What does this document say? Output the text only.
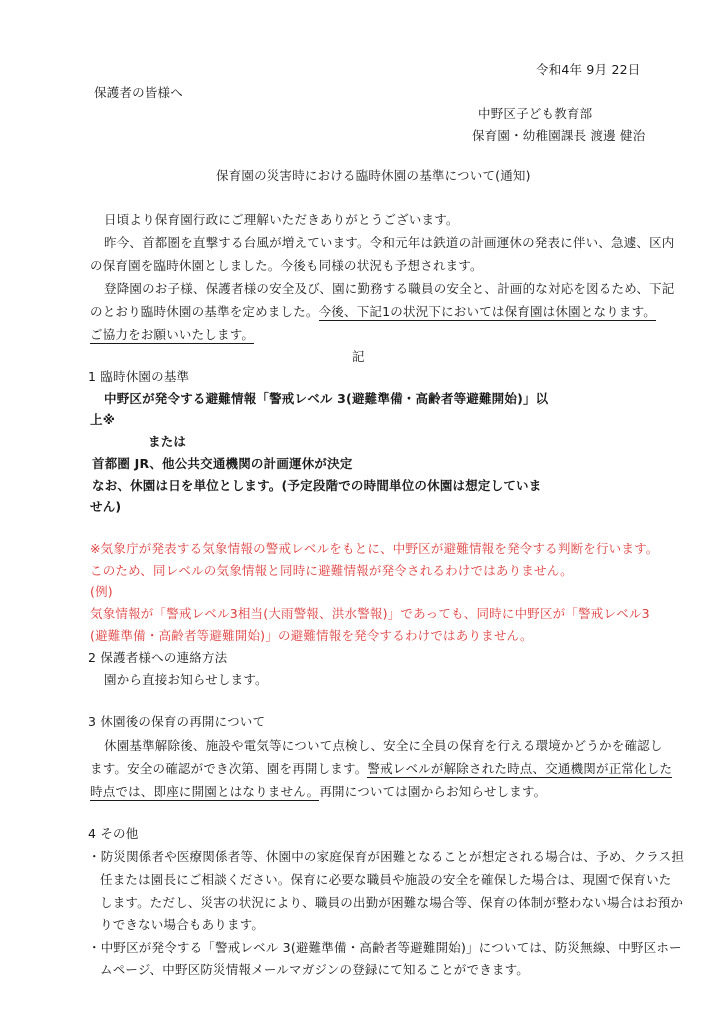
令和4年 9月 22日
保護者の皆様へ
中野区子ども教育部
保育園・幼稚園課長 渡邊 健治
保育園の災害時における臨時休園の基準について(通知)
日頃より保育園行政にご理解いただきありがとうございます。
昨今、首都圏を直撃する台風が増えています。令和元年は鉄道の計画運休の発表に伴い、急遽、区内
の保育園を臨時休園としました。今後も同様の状況も予想されます。
登降園のお子様、保護者様の安全及び、園に勤務する職員の安全と、計画的な対応を図るため、下記
のとおり臨時休園の基準を定めました。今後、下記1の状況下においては保育園は休園となります。
ご協力をお願いいたします。
記
1 臨時休園の基準
中野区が発令する避難情報「警戒レベル 3(避難準備・高齢者等避難開始)」以
上※
または
首都圏 JR、他公共交通機関の計画運休が決定
なお、休園は日を単位とします。(予定段階での時間単位の休園は想定していま
せん)
※気象庁が発表する気象情報の警戒レベルをもとに、中野区が避難情報を発令する判断を行います。
このため、同レベルの気象情報と同時に避難情報が発令されるわけではありません。
(例)
気象情報が「警戒レベル3相当(大雨警報、洪水警報)」であっても、同時に中野区が「警戒レベル3
(避難準備・高齢者等避難開始)」の避難情報を発令するわけではありません。
2 保護者様への連絡方法
園から直接お知らせします。
3 休園後の保育の再開について
休園基準解除後、施設や電気等について点検し、安全に全員の保育を行える環境かどうかを確認し
ます。安全の確認ができ次第、園を再開します。警戒レベルが解除された時点、交通機関が正常化した
時点では、即座に開園とはなりません。再開については園からお知らせします。
4 その他
・防災関係者や医療関係者等、休園中の家庭保育が困難となることが想定される場合は、予め、クラス担
任または園長にご相談ください。保育に必要な職員や施設の安全を確保した場合は、現園で保育いた
します。ただし、災害の状況により、職員の出勤が困難な場合等、保育の体制が整わない場合はお預か
りできない場合もあります。
・中野区が発令する「警戒レベル 3(避難準備・高齢者等避難開始)」については、防災無線、中野区ホー
ムページ、中野区防災情報メールマガジンの登録にて知ることができます。
